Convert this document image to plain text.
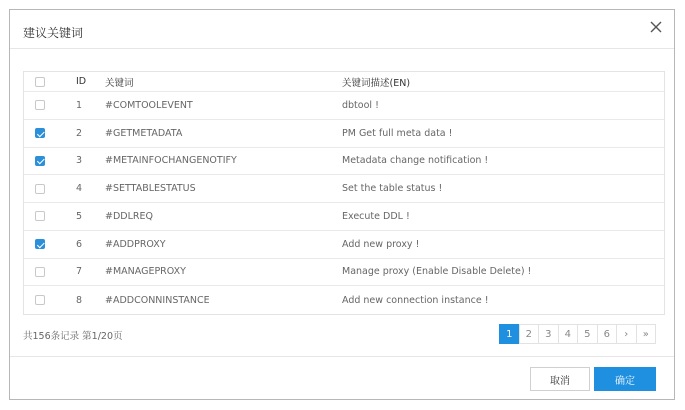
建议关键词
ID	关键词	关键词描述(EN)
1	#COMTOOLEVENT	dbtool !
2	#GETMETADATA	PM Get full meta data !
3	#METAINFOCHANGENOTIFY	Metadata change notification !
4	#SETTABLESTATUS	Set the table status !
5	#DDLREQ	Execute DDL !
6	#ADDPROXY	Add new proxy !
7	#MANAGEPROXY	Manage proxy (Enable Disable Delete) !
8	#ADDCONNINSTANCE	Add new connection instance !
共156条记录 第1/20页	1	2	3	4	5	6	› »
取消	确定
